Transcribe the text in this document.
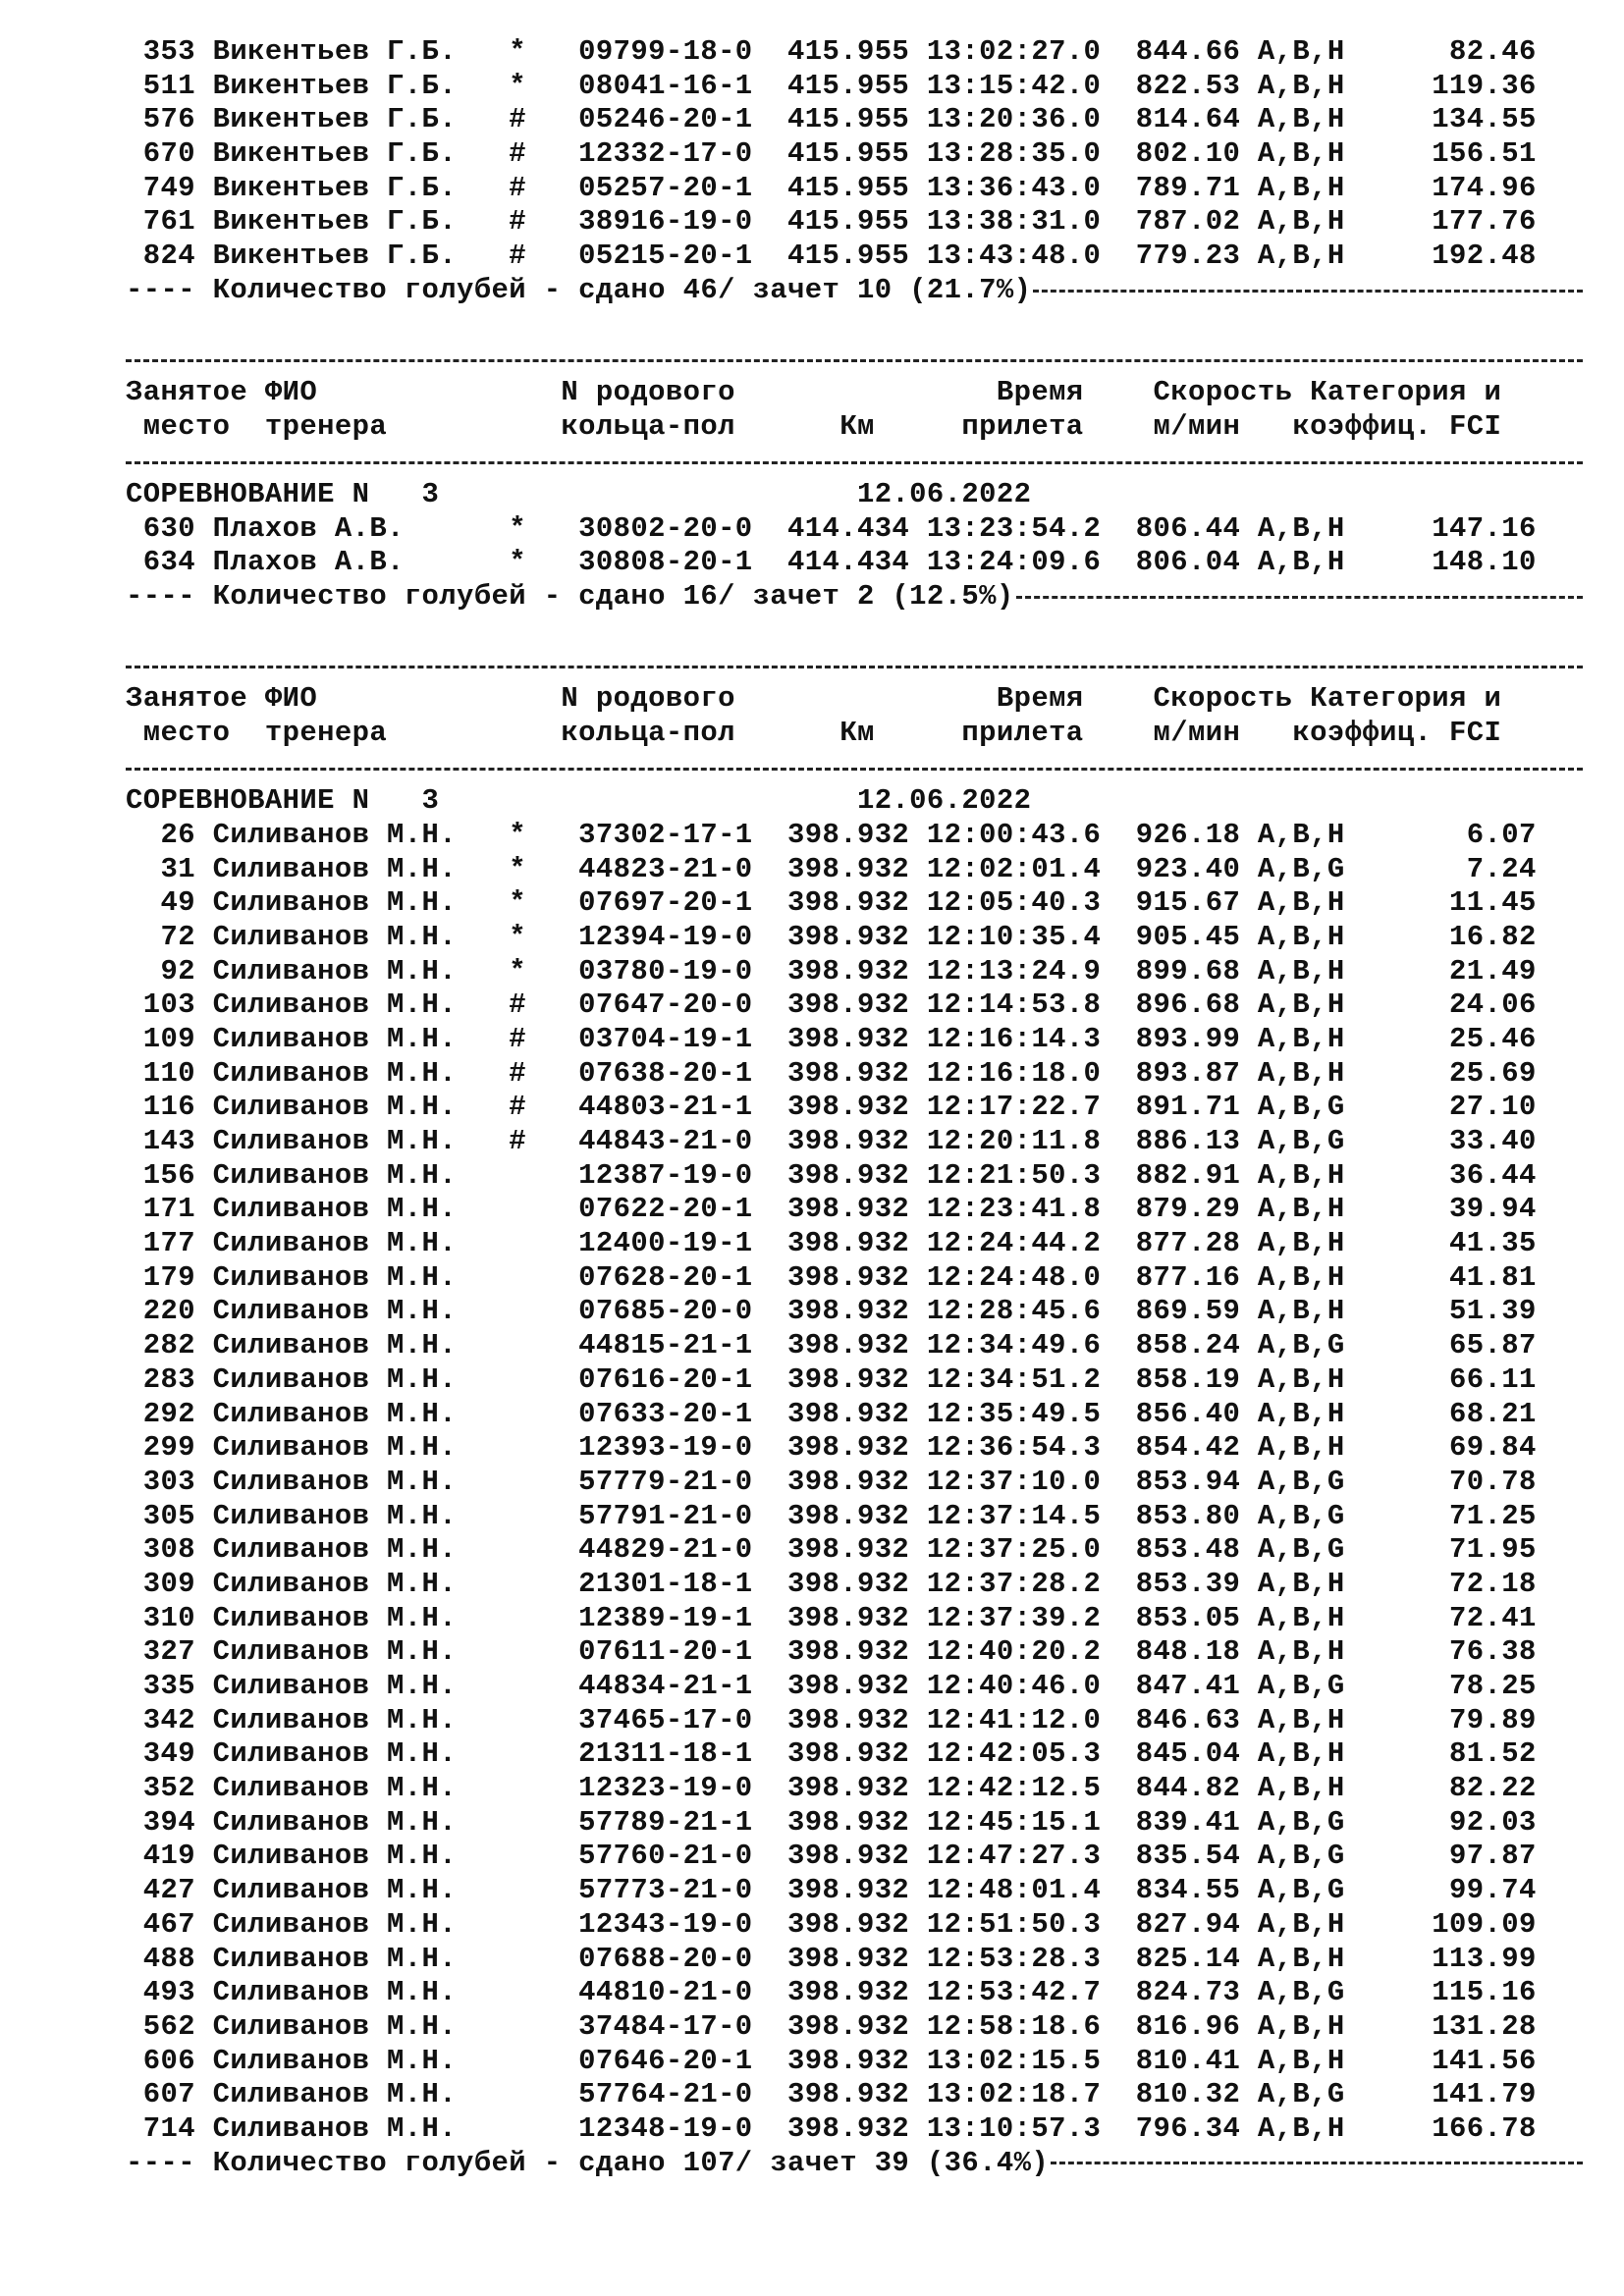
353 Викентьев Г.Б.   *   09799-18-0  415.955 13:02:27.0  844.66 A,B,H      82.46
511 Викентьев Г.Б.   *   08041-16-1  415.955 13:15:42.0  822.53 A,B,H     119.36
576 Викентьев Г.Б.   #   05246-20-1  415.955 13:20:36.0  814.64 A,B,H     134.55
670 Викентьев Г.Б.   #   12332-17-0  415.955 13:28:35.0  802.10 A,B,H     156.51
749 Викентьев Г.Б.   #   05257-20-1  415.955 13:36:43.0  789.71 A,B,H     174.96
761 Викентьев Г.Б.   #   38916-19-0  415.955 13:38:31.0  787.02 A,B,H     177.76
824 Викентьев Г.Б.   #   05215-20-1  415.955 13:43:48.0  779.23 A,B,H     192.48
---- Количество голубей - сдано 46/ зачет 10 (21.7%)
Занятое ФИО              N родового               Время    Скорость Категория и
место  тренера          кольца-пол      Км     прилета    м/мин   коэффиц. FCI
СОРЕВНОВАНИЕ N   3                        12.06.2022
630 Плахов А.В.      *   30802-20-0  414.434 13:23:54.2  806.44 A,B,H     147.16
634 Плахов А.В.      *   30808-20-1  414.434 13:24:09.6  806.04 A,B,H     148.10
---- Количество голубей - сдано 16/ зачет 2 (12.5%)
Занятое ФИО              N родового               Время    Скорость Категория и
место  тренера          кольца-пол      Км     прилета    м/мин   коэффиц. FCI
СОРЕВНОВАНИЕ N   3                        12.06.2022
26 Силиванов М.Н.   *   37302-17-1  398.932 12:00:43.6  926.18 A,B,H       6.07
31 Силиванов М.Н.   *   44823-21-0  398.932 12:02:01.4  923.40 A,B,G       7.24
49 Силиванов М.Н.   *   07697-20-1  398.932 12:05:40.3  915.67 A,B,H      11.45
72 Силиванов М.Н.   *   12394-19-0  398.932 12:10:35.4  905.45 A,B,H      16.82
92 Силиванов М.Н.   *   03780-19-0  398.932 12:13:24.9  899.68 A,B,H      21.49
103 Силиванов М.Н.   #   07647-20-0  398.932 12:14:53.8  896.68 A,B,H      24.06
109 Силиванов М.Н.   #   03704-19-1  398.932 12:16:14.3  893.99 A,B,H      25.46
110 Силиванов М.Н.   #   07638-20-1  398.932 12:16:18.0  893.87 A,B,H      25.69
116 Силиванов М.Н.   #   44803-21-1  398.932 12:17:22.7  891.71 A,B,G      27.10
143 Силиванов М.Н.   #   44843-21-0  398.932 12:20:11.8  886.13 A,B,G      33.40
156 Силиванов М.Н.       12387-19-0  398.932 12:21:50.3  882.91 A,B,H      36.44
171 Силиванов М.Н.       07622-20-1  398.932 12:23:41.8  879.29 A,B,H      39.94
177 Силиванов М.Н.       12400-19-1  398.932 12:24:44.2  877.28 A,B,H      41.35
179 Силиванов М.Н.       07628-20-1  398.932 12:24:48.0  877.16 A,B,H      41.81
220 Силиванов М.Н.       07685-20-0  398.932 12:28:45.6  869.59 A,B,H      51.39
282 Силиванов М.Н.       44815-21-1  398.932 12:34:49.6  858.24 A,B,G      65.87
283 Силиванов М.Н.       07616-20-1  398.932 12:34:51.2  858.19 A,B,H      66.11
292 Силиванов М.Н.       07633-20-1  398.932 12:35:49.5  856.40 A,B,H      68.21
299 Силиванов М.Н.       12393-19-0  398.932 12:36:54.3  854.42 A,B,H      69.84
303 Силиванов М.Н.       57779-21-0  398.932 12:37:10.0  853.94 A,B,G      70.78
305 Силиванов М.Н.       57791-21-0  398.932 12:37:14.5  853.80 A,B,G      71.25
308 Силиванов М.Н.       44829-21-0  398.932 12:37:25.0  853.48 A,B,G      71.95
309 Силиванов М.Н.       21301-18-1  398.932 12:37:28.2  853.39 A,B,H      72.18
310 Силиванов М.Н.       12389-19-1  398.932 12:37:39.2  853.05 A,B,H      72.41
327 Силиванов М.Н.       07611-20-1  398.932 12:40:20.2  848.18 A,B,H      76.38
335 Силиванов М.Н.       44834-21-1  398.932 12:40:46.0  847.41 A,B,G      78.25
342 Силиванов М.Н.       37465-17-0  398.932 12:41:12.0  846.63 A,B,H      79.89
349 Силиванов М.Н.       21311-18-1  398.932 12:42:05.3  845.04 A,B,H      81.52
352 Силиванов М.Н.       12323-19-0  398.932 12:42:12.5  844.82 A,B,H      82.22
394 Силиванов М.Н.       57789-21-1  398.932 12:45:15.1  839.41 A,B,G      92.03
419 Силиванов М.Н.       57760-21-0  398.932 12:47:27.3  835.54 A,B,G      97.87
427 Силиванов М.Н.       57773-21-0  398.932 12:48:01.4  834.55 A,B,G      99.74
467 Силиванов М.Н.       12343-19-0  398.932 12:51:50.3  827.94 A,B,H     109.09
488 Силиванов М.Н.       07688-20-0  398.932 12:53:28.3  825.14 A,B,H     113.99
493 Силиванов М.Н.       44810-21-0  398.932 12:53:42.7  824.73 A,B,G     115.16
562 Силиванов М.Н.       37484-17-0  398.932 12:58:18.6  816.96 A,B,H     131.28
606 Силиванов М.Н.       07646-20-1  398.932 13:02:15.5  810.41 A,B,H     141.56
607 Силиванов М.Н.       57764-21-0  398.932 13:02:18.7  810.32 A,B,G     141.79
714 Силиванов М.Н.       12348-19-0  398.932 13:10:57.3  796.34 A,B,H     166.78
---- Количество голубей - сдано 107/ зачет 39 (36.4%)
